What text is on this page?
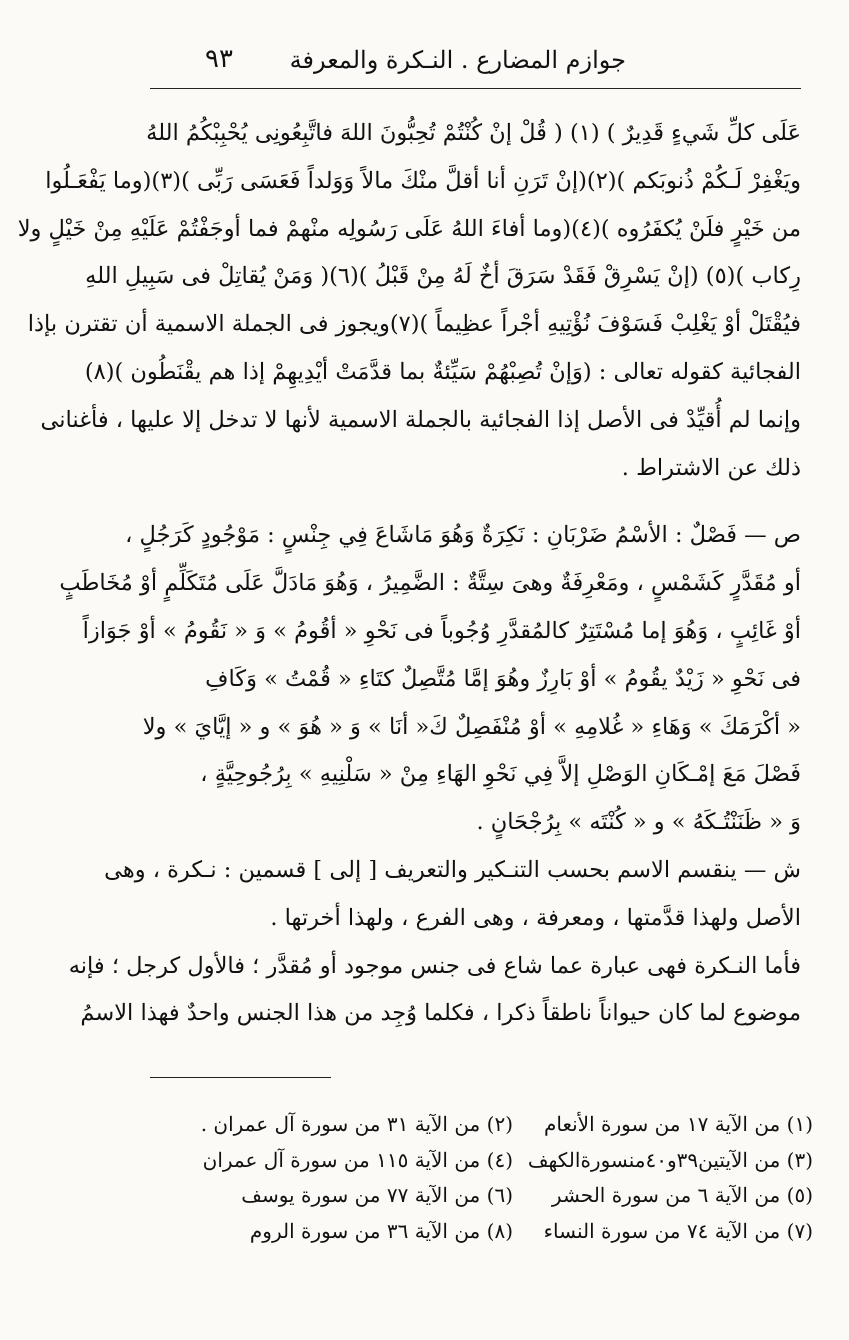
جوازم المضارع . النـكرة والمعرفة
٩٣
عَلَى كلِّ شَيءٍ قَدِيرٌ ) (١) ( قُلْ إنْ كُنْتُمْ تُحِبُّونَ اللهَ فاتَّبِعُونِى يُحْبِبْكُمُ اللهُ
ويَغْفِرْ لَـكُمْ ذُنوبَكم )(٢)(إنْ تَرَنِ أنا أقلَّ منْكَ مالاً وَوَلداً فَعَسَى رَبِّى )(٣)(وما يَفْعَـلُوا
من خَيْرٍ فلَنْ يُكفَرُوه )(٤)(وما أفاءَ اللهُ عَلَى رَسُولِه منْهمْ فما أوجَفْتُمْ عَلَيْهِ مِنْ خَيْلٍ ولا
رِكاب )(٥) (إنْ يَسْرِقْ فَقَدْ سَرَقَ أخٌ لَهُ مِنْ قَبْلُ )(٦)( وَمَنْ يُقاتِلْ فى سَبِيلِ اللهِ
فيُقْتَلْ أوْ يَغْلِبْ فَسَوْفَ نُؤْتِيهِ أجْراً عظِيماً )(٧)ويجوز فى الجملة الاسمية أن تقترن بإذا
الفجائية كقوله تعالى : (وَإنْ تُصِبْهُمْ سَيِّئةٌ بما قدَّمَتْ أيْدِيهِمْ إذا هم يقْنَطُون )(٨)
وإنما لم أُقيِّدْ فى الأصل إذا الفجائية بالجملة الاسمية لأنها لا تدخل إلا عليها ، فأغنانى
ذلك عن الاشتراط .
ص — فَصْلٌ : الأسْمُ ضَرْبَانِ : نَكِرَةٌ وَهُوَ مَاشَاعَ فِي جِنْسٍ : مَوْجُودٍ كَرَجُلٍ ،
أو مُقَدَّرٍ كَشَمْسٍ ، ومَعْرِفَةٌ وهىَ سِتَّةٌ : الضَّمِيرُ ، وَهُوَ مَادَلَّ عَلَى مُتَكَلِّمٍ أوْ مُخَاطَبٍ
أوْ غَائِبٍ ، وَهُوَ إما مُسْتَتِرٌ كالمُقدَّرِ وُجُوباً فى نَحْوِ « أقُومُ » وَ « نَقُومُ » أوْ جَوَازاً
فى نَحْوِ « زَيْدٌ يقُومُ » أوْ بَارِزٌ وهُوَ إمَّا مُتَّصِلٌ كتَاءِ « قُمْتُ » وَكَافِ
« أكْرَمَكَ » وَهَاءِ « غُلامِهِ » أوْ مُنْفَصِلٌ كَ« أنَا » وَ « هُوَ » و « إيَّايَ » ولا
فَصْلَ مَعَ إمْـكَانِ الوَصْلِ إلاَّ فِي نَحْوِ الهَاءِ مِنْ « سَلْنِيهِ » بِرُجُوحِيَّةٍ ،
وَ « ظَنَنْتُـكَهُ » و « كُنْتَه » بِرُجْحَانٍ .
ش — ينقسم الاسم بحسب التنـكير والتعريف [ إلى ] قسمين : نـكرة ، وهى
الأصل ولهذا قدَّمتها ، ومعرفة ، وهى الفرع ، ولهذا أخرتها .
فأما النـكرة فهى عبارة عما شاع فى جنس موجود أو مُقدَّر ؛ فالأول كرجل ؛ فإنه
موضوع لما كان حيواناً ناطقاً ذكرا ، فكلما وُجِد من هذا الجنس واحدٌ فهذا الاسمُ
(١) من الآية ١٧ من سورة الأنعام
(٢) من الآية ٣١ من سورة آل عمران .
(٣) من الآيتين٣٩و٤٠منسورةالكهف
(٤) من الآية ١١٥ من سورة آل عمران
(٥) من الآية ٦ من سورة الحشر
(٦) من الآية ٧٧ من سورة يوسف
(٧) من الآية ٧٤ من سورة النساء
(٨) من الآية ٣٦ من سورة الروم
